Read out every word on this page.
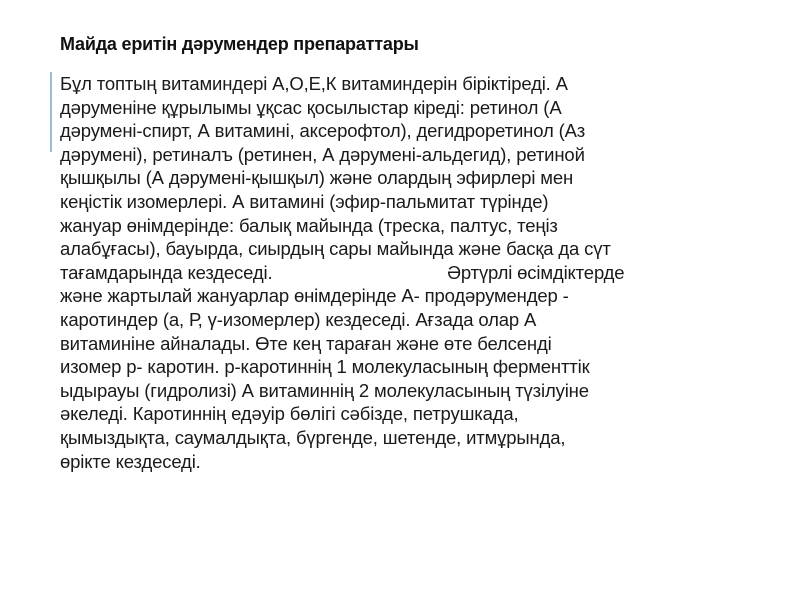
Майда еритін дәрумендер препараттары
Бұл топтың витаминдері А,О,Е,К витаминдерін біріктіреді. А
дәруменіне құрылымы ұқсас қосылыстар кіреді: ретинол (А
дәрумені-спирт, А витамині, аксерофтол), дегидроретинол (Аз
дәрумені), ретиналъ (ретинен, А дәрумені-альдегид), ретиной
қышқылы (А дәрумені-қышқыл) және олардың эфирлері мен
кеңістік изомерлері. А витамині (эфир-пальмитат түрінде)
жануар өнімдерінде: балық майында (треска, палтус, теңіз
алабұғасы), бауырда, сиырдың сары майында және басқа да сүт
тағамдарында кездеседі.                                   Әртүрлі өсімдіктерде
және жартылай жануарлар өнімдерінде А- продәрумендер -
каротиндер (а, Р, γ-изомерлер) кездеседі. Ағзада олар А
витаминіне айналады. Өте кең тараған және өте белсенді
изомер р- каротин. р-каротиннің 1 молекуласының ферменттік
ыдырауы (гидролизі) А витаминнің 2 молекуласының түзілуіне
әкеледі. Каротиннің едәуір бөлігі сәбізде, петрушкада,
қымыздықта, саумалдықта, бүргенде, шетенде, итмұрында,
өрікте кездеседі.
